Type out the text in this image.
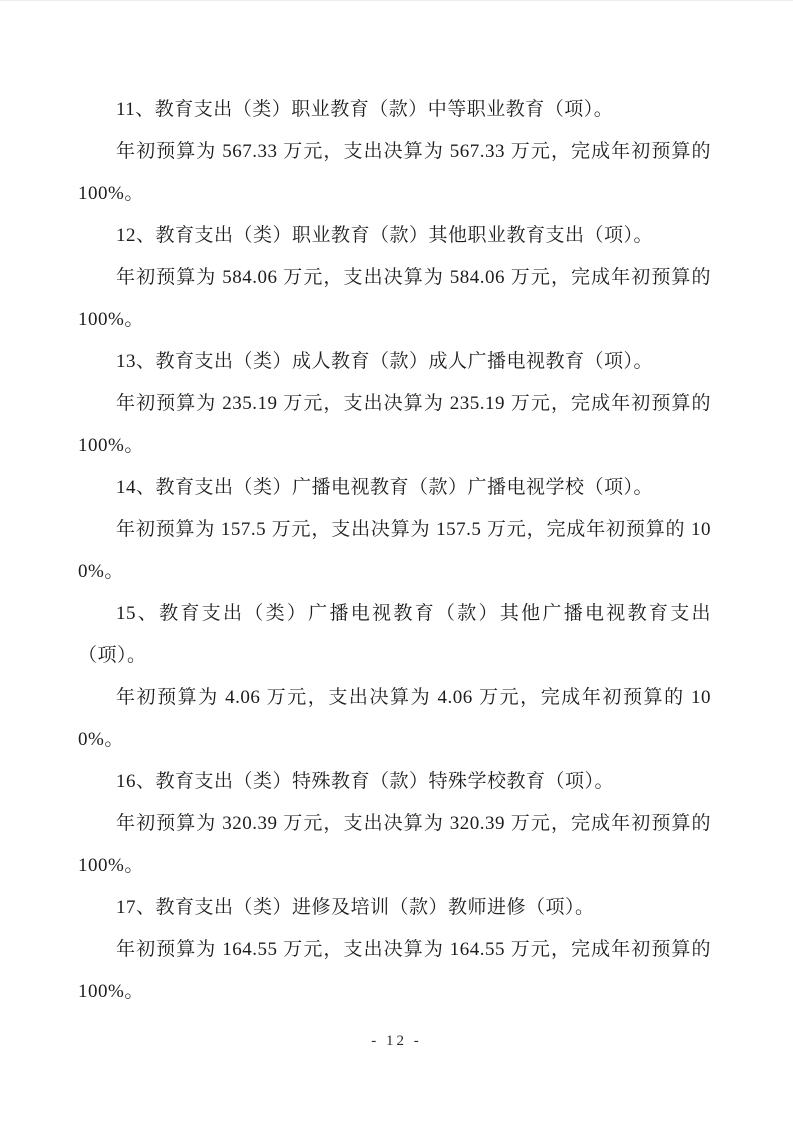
11、教育支出（类）职业教育（款）中等职业教育（项）。

年初预算为 567.33 万元，支出决算为 567.33 万元，完成年初预算的 100%。

12、教育支出（类）职业教育（款）其他职业教育支出（项）。

年初预算为 584.06 万元，支出决算为 584.06 万元，完成年初预算的 100%。

13、教育支出（类）成人教育（款）成人广播电视教育（项）。

年初预算为 235.19 万元，支出决算为 235.19 万元，完成年初预算的 100%。

14、教育支出（类）广播电视教育（款）广播电视学校（项）。

年初预算为 157.5 万元，支出决算为 157.5 万元，完成年初预算的 100%。

15、教育支出（类）广播电视教育（款）其他广播电视教育支出（项）。

年初预算为 4.06 万元，支出决算为 4.06 万元，完成年初预算的 100%。

16、教育支出（类）特殊教育（款）特殊学校教育（项）。

年初预算为 320.39 万元，支出决算为 320.39 万元，完成年初预算的 100%。

17、教育支出（类）进修及培训（款）教师进修（项）。

年初预算为 164.55 万元，支出决算为 164.55 万元，完成年初预算的 100%。

- 12 -
